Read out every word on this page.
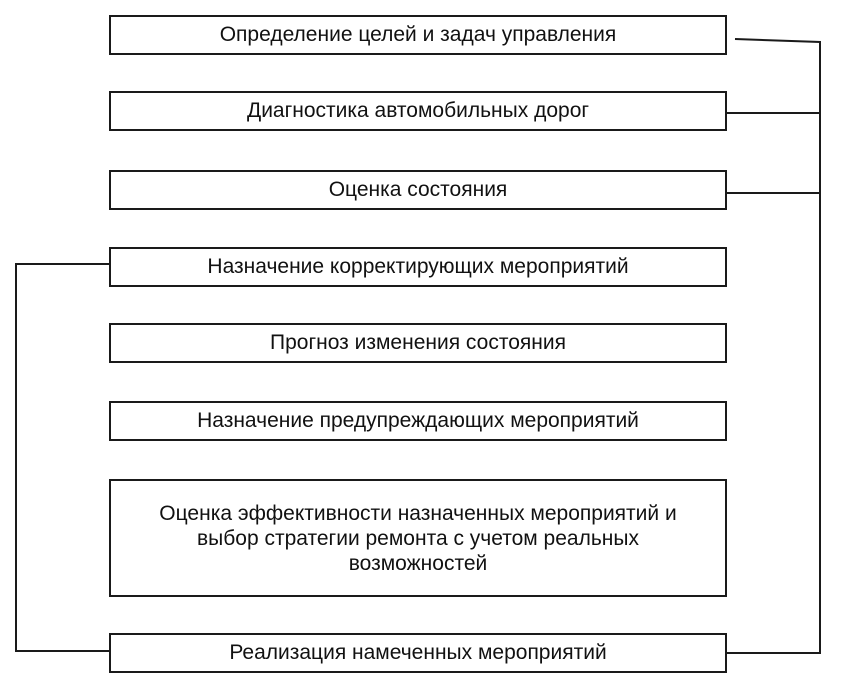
Определение целей и задач управления
Диагностика автомобильных дорог
Оценка состояния
Назначение корректирующих мероприятий
Прогноз изменения состояния
Назначение предупреждающих мероприятий
Оценка эффективности назначенных мероприятий и выбор стратегии ремонта с учетом реальных возможностей
Реализация намеченных мероприятий
